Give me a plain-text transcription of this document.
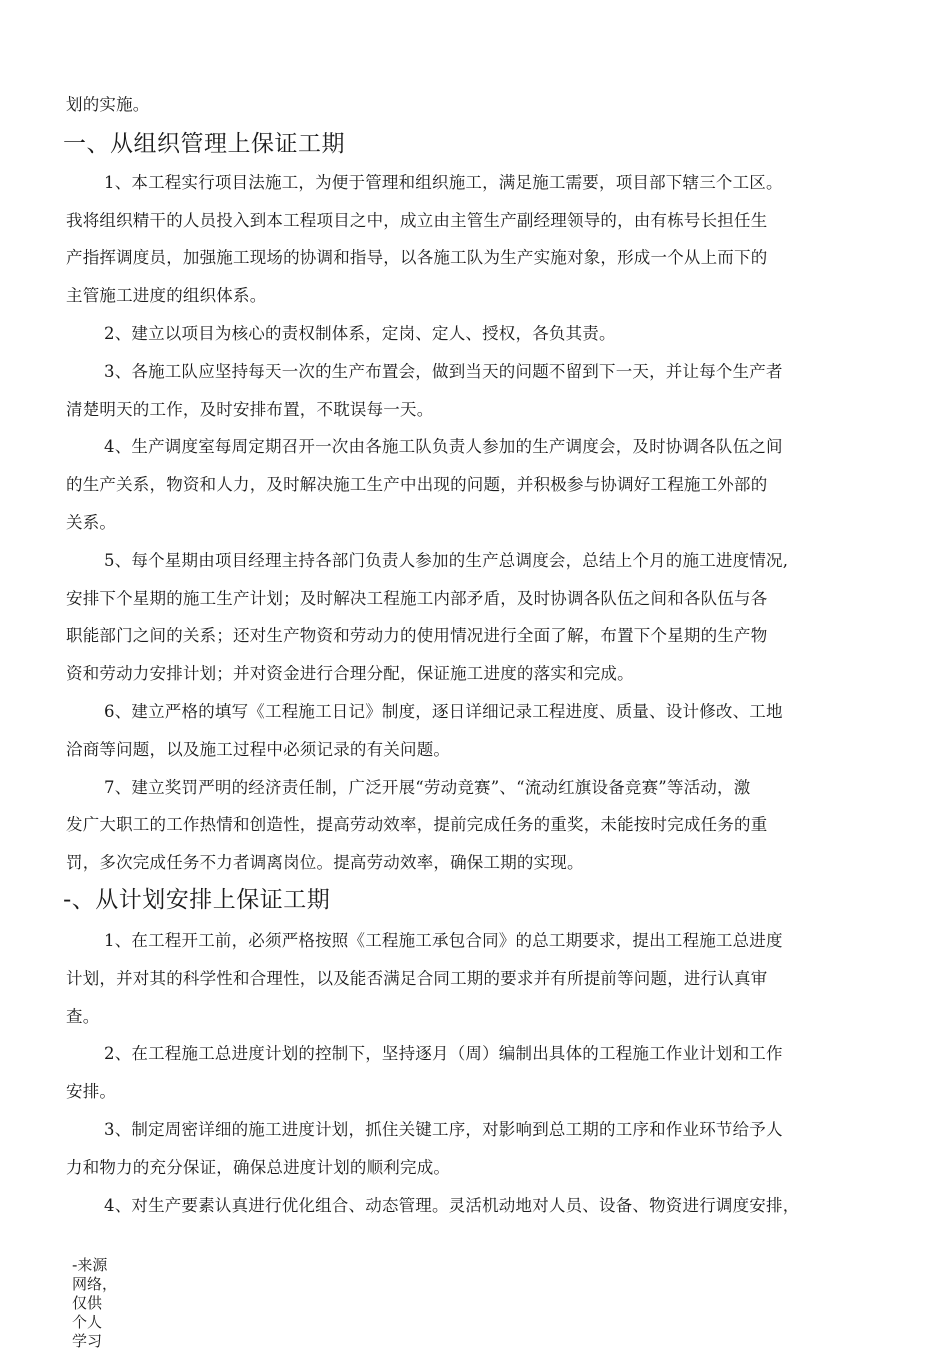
划的实施。
一、从组织管理上保证工期
1、本工程实行项目法施工，为便于管理和组织施工，满足施工需要，项目部下辖三个工区。
我将组织精干的人员投入到本工程项目之中，成立由主管生产副经理领导的，由有栋号长担任生
产指挥调度员，加强施工现场的协调和指导，以各施工队为生产实施对象，形成一个从上而下的
主管施工进度的组织体系。
2、建立以项目为核心的责权制体系，定岗、定人、授权，各负其责。
3、各施工队应坚持每天一次的生产布置会，做到当天的问题不留到下一天，并让每个生产者
清楚明天的工作，及时安排布置，不耽误每一天。
4、生产调度室每周定期召开一次由各施工队负责人参加的生产调度会，及时协调各队伍之间
的生产关系，物资和人力，及时解决施工生产中出现的问题，并积极参与协调好工程施工外部的
关系。
5、每个星期由项目经理主持各部门负责人参加的生产总调度会，总结上个月的施工进度情况,
安排下个星期的施工生产计划；及时解决工程施工内部矛盾，及时协调各队伍之间和各队伍与各
职能部门之间的关系；还对生产物资和劳动力的使用情况进行全面了解，布置下个星期的生产物
资和劳动力安排计划；并对资金进行合理分配，保证施工进度的落实和完成。
6、建立严格的填写《工程施工日记》制度，逐日详细记录工程进度、质量、设计修改、工地
洽商等问题，以及施工过程中必须记录的有关问题。
7、建立奖罚严明的经济责任制，广泛开展“劳动竞赛”、“流动红旗设备竞赛”等活动，激
发广大职工的工作热情和创造性，提高劳动效率，提前完成任务的重奖，未能按时完成任务的重
罚，多次完成任务不力者调离岗位。提高劳动效率，确保工期的实现。
-、从计划安排上保证工期
1、在工程开工前，必须严格按照《工程施工承包合同》的总工期要求，提出工程施工总进度
计划，并对其的科学性和合理性，以及能否满足合同工期的要求并有所提前等问题，进行认真审
查。
2、在工程施工总进度计划的控制下，坚持逐月（周）编制出具体的工程施工作业计划和工作
安排。
3、制定周密详细的施工进度计划，抓住关键工序，对影响到总工期的工序和作业环节给予人
力和物力的充分保证，确保总进度计划的顺利完成。
4、对生产要素认真进行优化组合、动态管理。灵活机动地对人员、设备、物资进行调度安排，
-来源
网络，
仅供
个人
学习
